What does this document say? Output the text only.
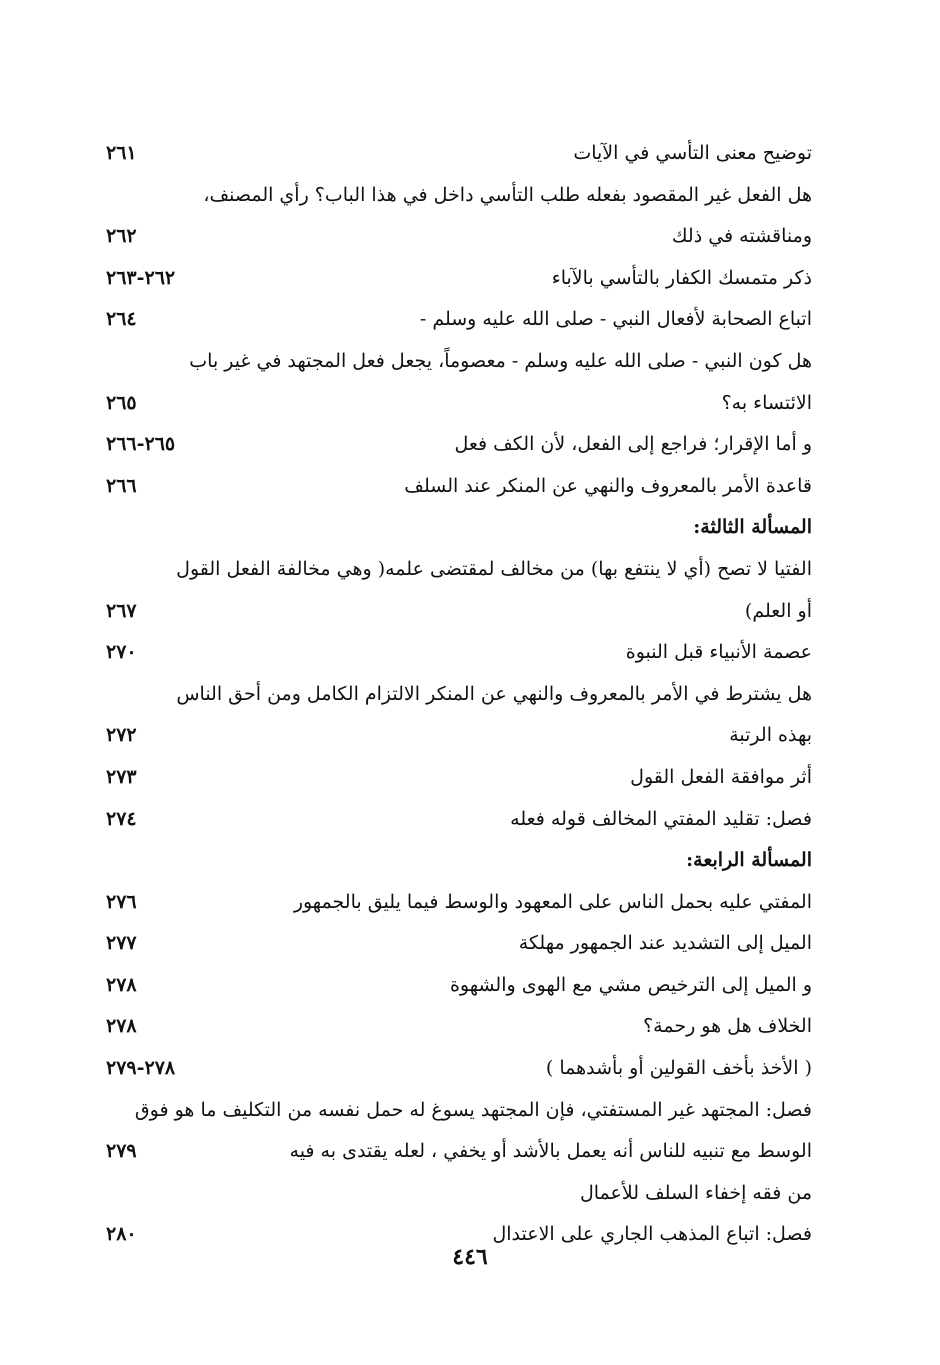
توضيح معنى التأسي في الآيات
٢٦١
هل الفعل غير المقصود بفعله طلب التأسي داخل في هذا الباب؟ رأي المصنف،
ومناقشته في ذلك
٢٦٢
ذكر متمسك الكفار بالتأسي بالآباء
٢٦٢-٢٦٣
اتباع الصحابة لأفعال النبي - صلى الله عليه وسلم -
٢٦٤
هل كون النبي - صلى الله عليه وسلم - معصوماً، يجعل فعل المجتهد في غير باب
الائتساء به؟
٢٦٥
و أما الإقرار؛ فراجع إلى الفعل، لأن الكف فعل
٢٦٥-٢٦٦
قاعدة الأمر بالمعروف والنهي عن المنكر عند السلف
٢٦٦
المسألة الثالثة:
الفتيا لا تصح (أي لا ينتفع بها) من مخالف لمقتضى علمه( وهي مخالفة الفعل القول
أو العلم)
٢٦٧
عصمة الأنبياء قبل النبوة
٢٧٠
هل يشترط في الأمر بالمعروف والنهي عن المنكر الالتزام الكامل ومن أحق الناس
بهذه الرتبة
٢٧٢
أثر موافقة الفعل القول
٢٧٣
فصل: تقليد المفتي المخالف قوله فعله
٢٧٤
المسألة الرابعة:
المفتي عليه بحمل الناس على المعهود والوسط فيما يليق بالجمهور
٢٧٦
الميل إلى التشديد عند الجمهور مهلكة
٢٧٧
و الميل إلى الترخيص مشي مع الهوى والشهوة
٢٧٨
الخلاف هل هو رحمة؟
٢٧٨
( الأخذ بأخف القولين أو بأشدهما )
٢٧٨-٢٧٩
فصل: المجتهد غير المستفتي، فإن المجتهد يسوغ له حمل نفسه من التكليف ما هو فوق
الوسط مع تنبيه للناس أنه يعمل بالأشد أو يخفي ، لعله يقتدى به فيه
٢٧٩
من فقه إخفاء السلف للأعمال
فصل: اتباع المذهب الجاري على الاعتدال
٢٨٠
٤٤٦
